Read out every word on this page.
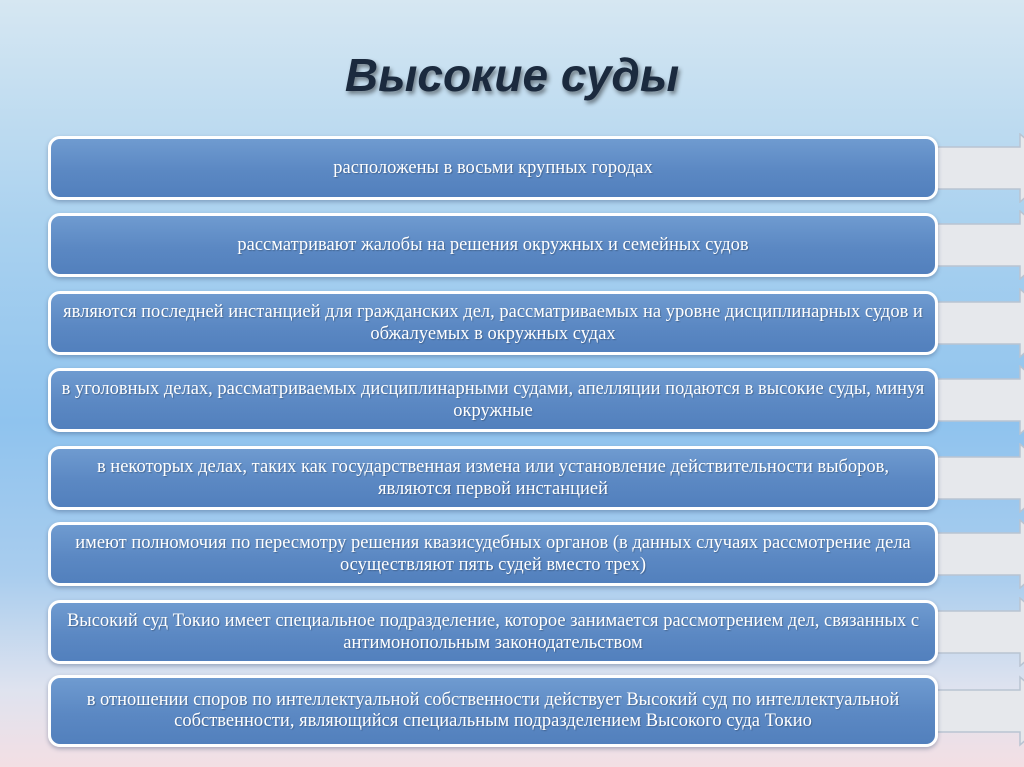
Высокие суды
расположены в восьми крупных городах
рассматривают жалобы на решения окружных и семейных судов
являются последней инстанцией для гражданских дел, рассматриваемых на уровне дисциплинарных судов и обжалуемых в окружных судах
в уголовных делах, рассматриваемых дисциплинарными судами, апелляции подаются в высокие суды, минуя окружные
в некоторых делах, таких как государственная измена или установление действительности выборов, являются первой инстанцией
имеют полномочия по пересмотру решения квазисудебных органов (в данных случаях рассмотрение дела осуществляют пять судей вместо трех)
Высокий суд Токио имеет специальное подразделение, которое занимается рассмотрением дел, связанных с антимонопольным законодательством
в отношении споров по интеллектуальной собственности действует Высокий суд по интеллектуальной собственности, являющийся специальным подразделением Высокого суда Токио
